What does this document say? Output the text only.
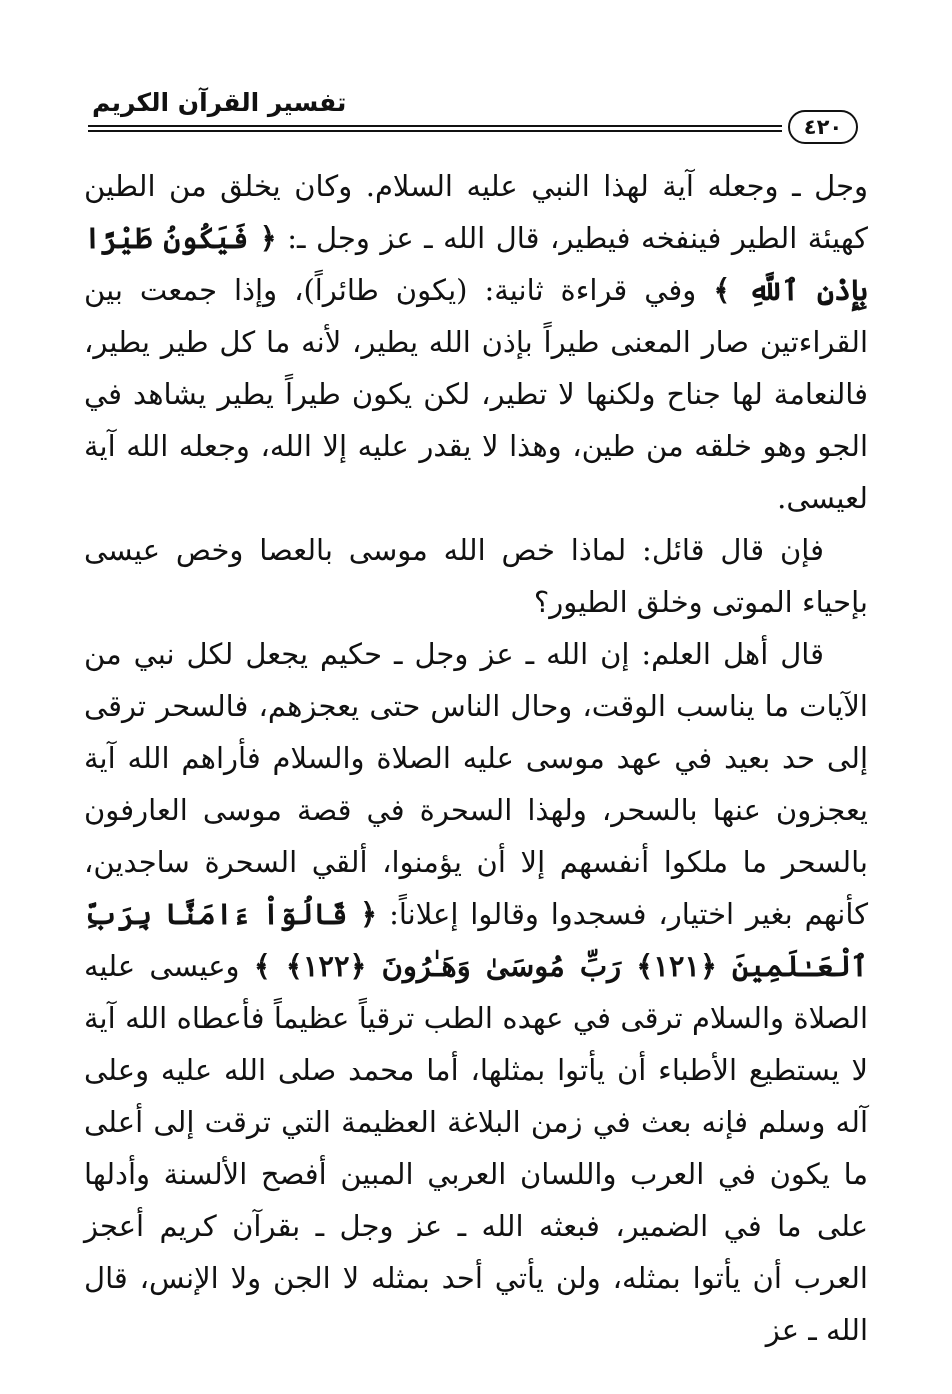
تفسير القرآن الكريم
٤٢٠

وجل ـ وجعله آية لهذا النبي عليه السلام. وكان يخلق من الطين كهيئة الطير فينفخه فيطير، قال الله ـ عز وجل ـ: ﴿ فَيَكُونُ طَيْرًا بِإِذْنِ ٱللَّهِ ﴾ وفي قراءة ثانية: (يكون طائراً)، وإذا جمعت بين القراءتين صار المعنى طيراً بإذن الله يطير، لأنه ما كل طير يطير، فالنعامة لها جناح ولكنها لا تطير، لكن يكون طيراً يطير يشاهد في الجو وهو خلقه من طين، وهذا لا يقدر عليه إلا الله، وجعله الله آية لعيسى.

فإن قال قائل: لماذا خص الله موسى بالعصا وخص عيسى بإحياء الموتى وخلق الطيور؟

قال أهل العلم: إن الله ـ عز وجل ـ حكيم يجعل لكل نبي من الآيات ما يناسب الوقت، وحال الناس حتى يعجزهم، فالسحر ترقى إلى حد بعيد في عهد موسى عليه الصلاة والسلام فأراهم الله آية يعجزون عنها بالسحر، ولهذا السحرة في قصة موسى العارفون بالسحر ما ملكوا أنفسهم إلا أن يؤمنوا، ألقي السحرة ساجدين، كأنهم بغير اختيار، فسجدوا وقالوا إعلاناً: ﴿ قَالُوٓاْ ءَامَنَّا بِرَبِّ ٱلْعَـٰلَمِينَ ﴿١٢١﴾ رَبِّ مُوسَىٰ وَهَـٰرُونَ ﴿١٢٢﴾ ﴾ وعيسى عليه الصلاة والسلام ترقى في عهده الطب ترقياً عظيماً فأعطاه الله آية لا يستطيع الأطباء أن يأتوا بمثلها، أما محمد صلى الله عليه وعلى آله وسلم فإنه بعث في زمن البلاغة العظيمة التي ترقت إلى أعلى ما يكون في العرب واللسان العربي المبين أفصح الألسنة وأدلها على ما في الضمير، فبعثه الله ـ عز وجل ـ بقرآن كريم أعجز العرب أن يأتوا بمثله، ولن يأتي أحد بمثله لا الجن ولا الإنس، قال الله ـ عز
